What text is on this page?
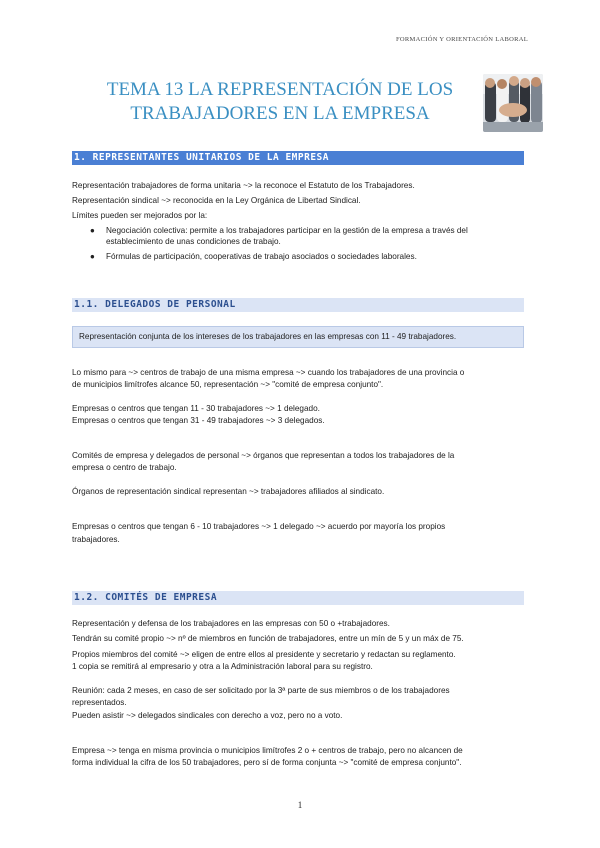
FORMACIÓN Y ORIENTACIÓN LABORAL
TEMA 13 LA REPRESENTACIÓN DE LOS
TRABAJADORES EN LA EMPRESA
1. REPRESENTANTES UNITARIOS DE LA EMPRESA
Representación trabajadores de forma unitaria ~> la reconoce el Estatuto de los Trabajadores.
Representación sindical ~> reconocida en la Ley Orgánica de Libertad Sindical.
Límites pueden ser mejorados por la:
●	Negociación colectiva: permite a los trabajadores participar en la gestión de la empresa a través del
establecimiento de unas condiciones de trabajo.
●	Fórmulas de participación, cooperativas de trabajo asociados o sociedades laborales.
1.1. DELEGADOS DE PERSONAL
Representación conjunta de los intereses de los trabajadores en las empresas con 11 - 49 trabajadores.
Lo mismo para ~> centros de trabajo de una misma empresa ~> cuando los trabajadores de una provincia o
de municipios limítrofes alcance 50, representación ~> "comité de empresa conjunto".
Empresas o centros que tengan 11 - 30 trabajadores ~> 1 delegado.
Empresas o centros que tengan 31 - 49 trabajadores ~> 3 delegados.
Comités de empresa y delegados de personal ~> órganos que representan a todos los trabajadores de la
empresa o centro de trabajo.
Órganos de representación sindical representan ~> trabajadores afiliados al sindicato.
Empresas o centros que tengan 6 - 10 trabajadores ~> 1 delegado ~> acuerdo por mayoría los propios
trabajadores.
1.2. COMITÉS DE EMPRESA
Representación y defensa de los trabajadores en las empresas con 50 o +trabajadores.
Tendrán su comité propio ~> nº de miembros en función de trabajadores, entre un mín de 5 y un máx de 75.
Propios miembros del comité ~> eligen de entre ellos al presidente y secretario y redactan su reglamento.
1 copia se remitirá al empresario y otra a la Administración laboral para su registro.
Reunión: cada 2 meses, en caso de ser solicitado por la 3ª parte de sus miembros o de los trabajadores
representados.
Pueden asistir ~> delegados sindicales con derecho a voz, pero no a voto.
Empresa ~> tenga en misma provincia o municipios limítrofes 2 o + centros de trabajo, pero no alcancen de
forma individual la cifra de los 50 trabajadores, pero sí de forma conjunta ~> "comité de empresa conjunto".
1
